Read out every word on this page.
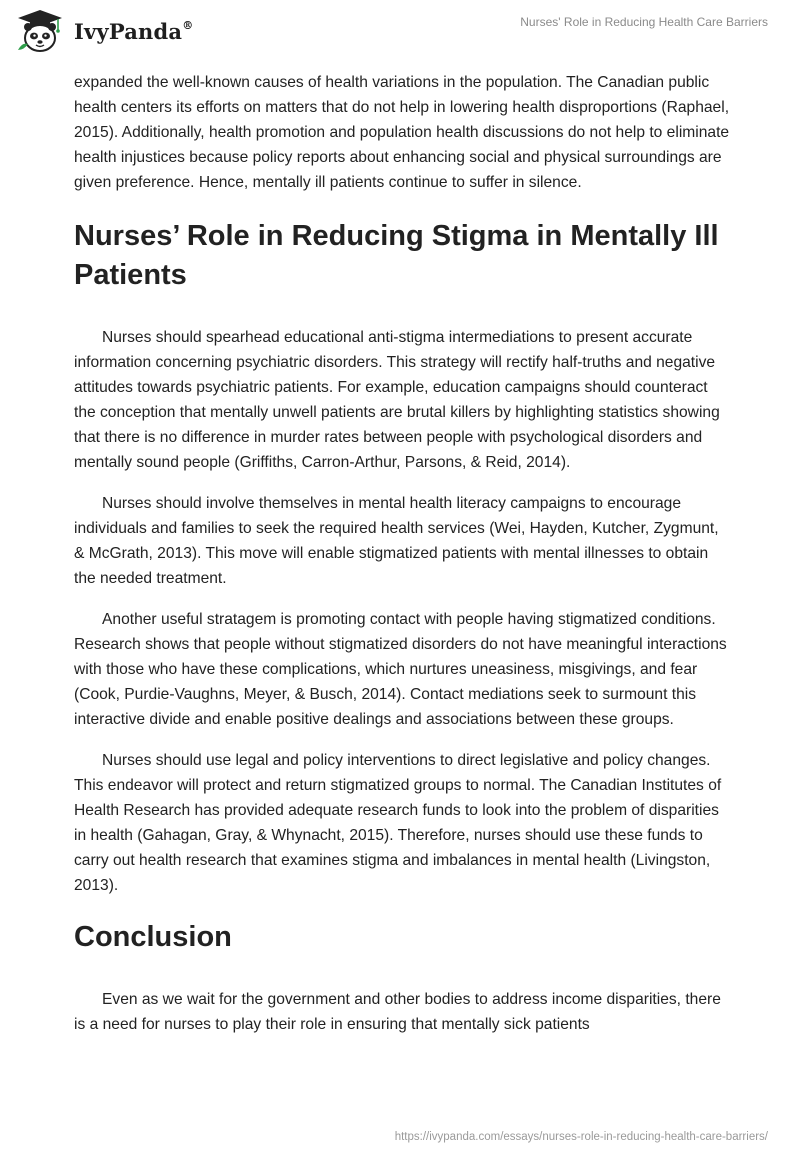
IvyPanda®	Nurses' Role in Reducing Health Care Barriers

expanded the well-known causes of health variations in the population. The Canadian public health centers its efforts on matters that do not help in lowering health disproportions (Raphael, 2015). Additionally, health promotion and population health discussions do not help to eliminate health injustices because policy reports about enhancing social and physical surroundings are given preference. Hence, mentally ill patients continue to suffer in silence.

Nurses’ Role in Reducing Stigma in Mentally Ill Patients

Nurses should spearhead educational anti-stigma intermediations to present accurate information concerning psychiatric disorders. This strategy will rectify half-truths and negative attitudes towards psychiatric patients. For example, education campaigns should counteract the conception that mentally unwell patients are brutal killers by highlighting statistics showing that there is no difference in murder rates between people with psychological disorders and mentally sound people (Griffiths, Carron-Arthur, Parsons, & Reid, 2014).

Nurses should involve themselves in mental health literacy campaigns to encourage individuals and families to seek the required health services (Wei, Hayden, Kutcher, Zygmunt, & McGrath, 2013). This move will enable stigmatized patients with mental illnesses to obtain the needed treatment.

Another useful stratagem is promoting contact with people having stigmatized conditions. Research shows that people without stigmatized disorders do not have meaningful interactions with those who have these complications, which nurtures uneasiness, misgivings, and fear (Cook, Purdie-Vaughns, Meyer, & Busch, 2014). Contact mediations seek to surmount this interactive divide and enable positive dealings and associations between these groups.

Nurses should use legal and policy interventions to direct legislative and policy changes. This endeavor will protect and return stigmatized groups to normal. The Canadian Institutes of Health Research has provided adequate research funds to look into the problem of disparities in health (Gahagan, Gray, & Whynacht, 2015). Therefore, nurses should use these funds to carry out health research that examines stigma and imbalances in mental health (Livingston, 2013).

Conclusion

Even as we wait for the government and other bodies to address income disparities, there is a need for nurses to play their role in ensuring that mentally sick patients

https://ivypanda.com/essays/nurses-role-in-reducing-health-care-barriers/
